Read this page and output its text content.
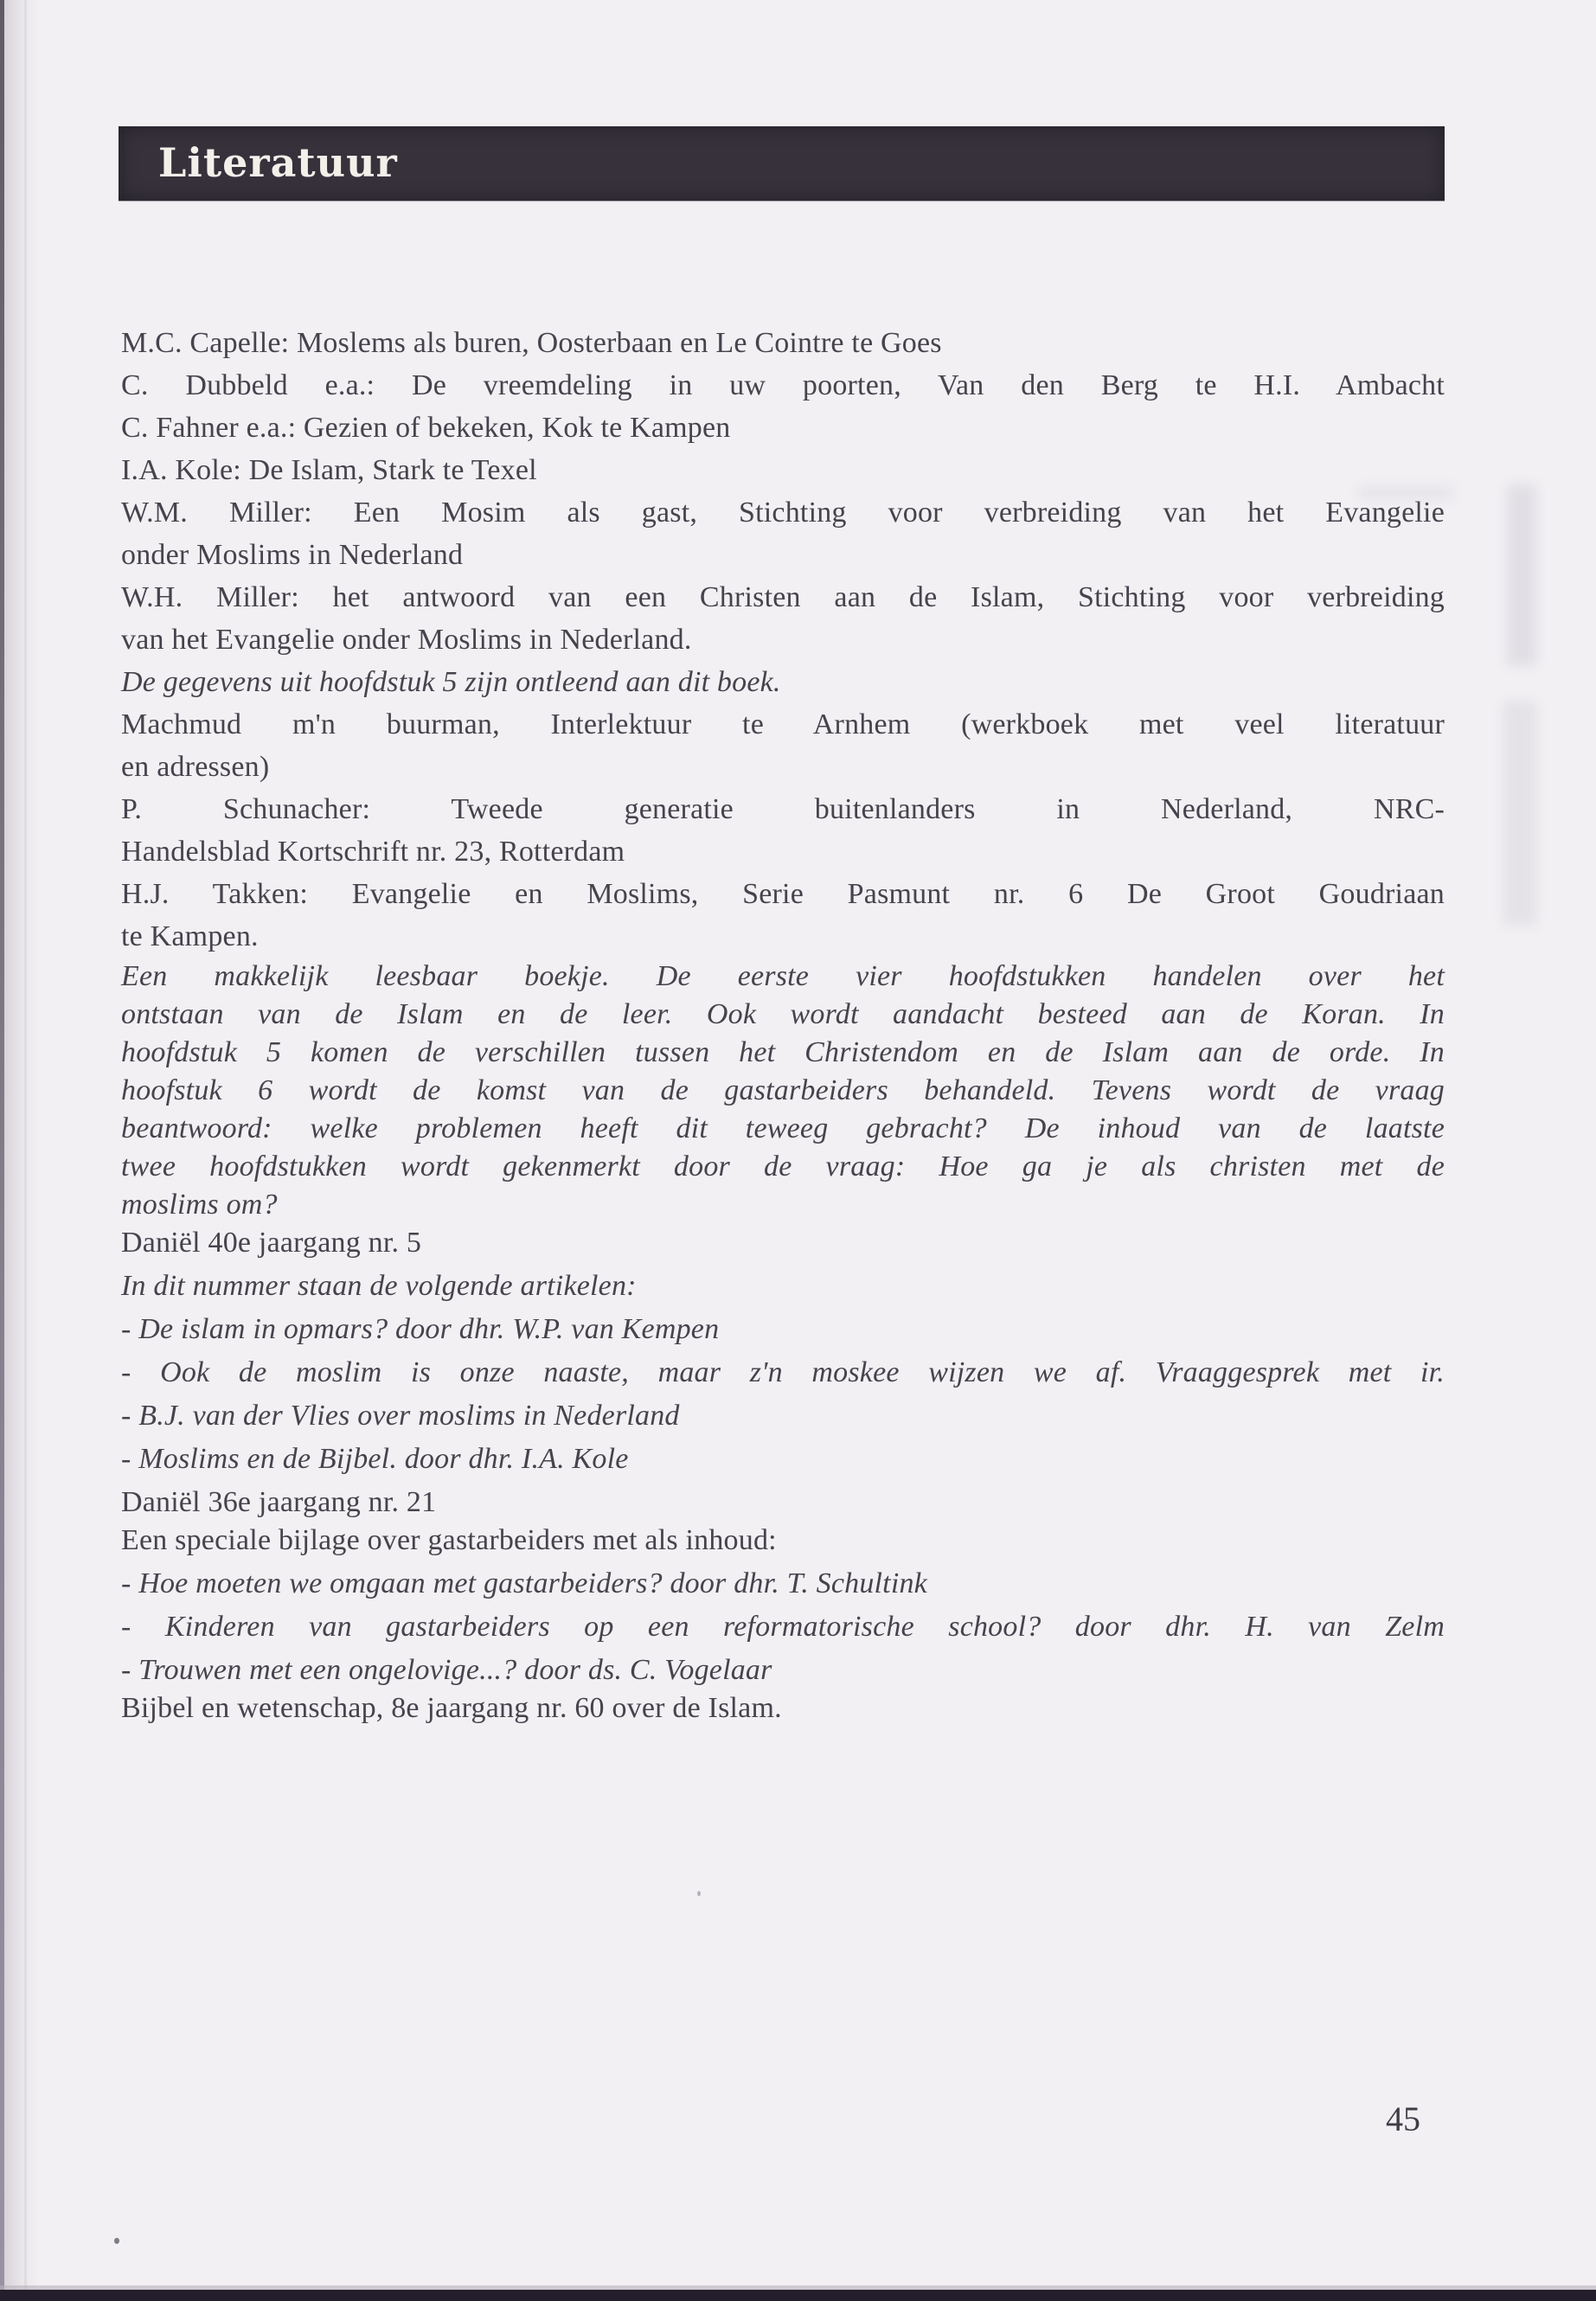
Literatuur
M.C. Capelle: Moslems als buren, Oosterbaan en Le Cointre te Goes
C. Dubbeld e.a.: De vreemdeling in uw poorten, Van den Berg te H.I. Ambacht
C. Fahner e.a.: Gezien of bekeken, Kok te Kampen
I.A. Kole: De Islam, Stark te Texel
W.M. Miller: Een Mosim als gast, Stichting voor verbreiding van het Evangelie
onder Moslims in Nederland
W.H. Miller: het antwoord van een Christen aan de Islam, Stichting voor verbreiding
van het Evangelie onder Moslims in Nederland.
De gegevens uit hoofdstuk 5 zijn ontleend aan dit boek.
Machmud m'n buurman, Interlektuur te Arnhem (werkboek met veel literatuur
en adressen)
P. Schunacher: Tweede generatie buitenlanders in Nederland, NRC-
Handelsblad Kortschrift nr. 23, Rotterdam
H.J. Takken: Evangelie en Moslims, Serie Pasmunt nr. 6 De Groot Goudriaan
te Kampen.
Een makkelijk leesbaar boekje. De eerste vier hoofdstukken handelen over het
ontstaan van de Islam en de leer. Ook wordt aandacht besteed aan de Koran. In
hoofdstuk 5 komen de verschillen tussen het Christendom en de Islam aan de orde. In
hoofstuk 6 wordt de komst van de gastarbeiders behandeld. Tevens wordt de vraag
beantwoord: welke problemen heeft dit teweeg gebracht? De inhoud van de laatste
twee hoofdstukken wordt gekenmerkt door de vraag: Hoe ga je als christen met de
moslims om?
Daniël 40e jaargang nr. 5
In dit nummer staan de volgende artikelen:
- De islam in opmars? door dhr. W.P. van Kempen
- Ook de moslim is onze naaste, maar z'n moskee wijzen we af. Vraaggesprek met ir.
- B.J. van der Vlies over moslims in Nederland
- Moslims en de Bijbel. door dhr. I.A. Kole
Daniël 36e jaargang nr. 21
Een speciale bijlage over gastarbeiders met als inhoud:
- Hoe moeten we omgaan met gastarbeiders? door dhr. T. Schultink
- Kinderen van gastarbeiders op een reformatorische school? door dhr. H. van Zelm
- Trouwen met een ongelovige...? door ds. C. Vogelaar
Bijbel en wetenschap, 8e jaargang nr. 60 over de Islam.
45
